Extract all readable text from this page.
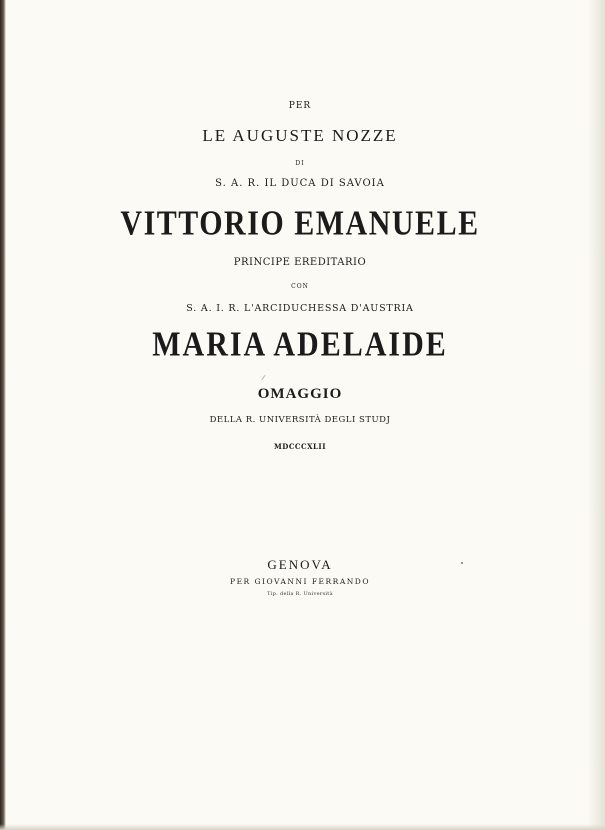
PER
LE AUGUSTE NOZZE
DI
S. A. R. IL DUCA DI SAVOIA
VITTORIO EMANUELE
PRINCIPE EREDITARIO
CON
S. A. I. R. L'ARCIDUCHESSA D'AUSTRIA
MARIA ADELAIDE
OMAGGIO
DELLA R. UNIVERSITÀ DEGLI STUDJ
MDCCCXLII
GENOVA
PER GIOVANNI FERRANDO
Tip. della R. Università
